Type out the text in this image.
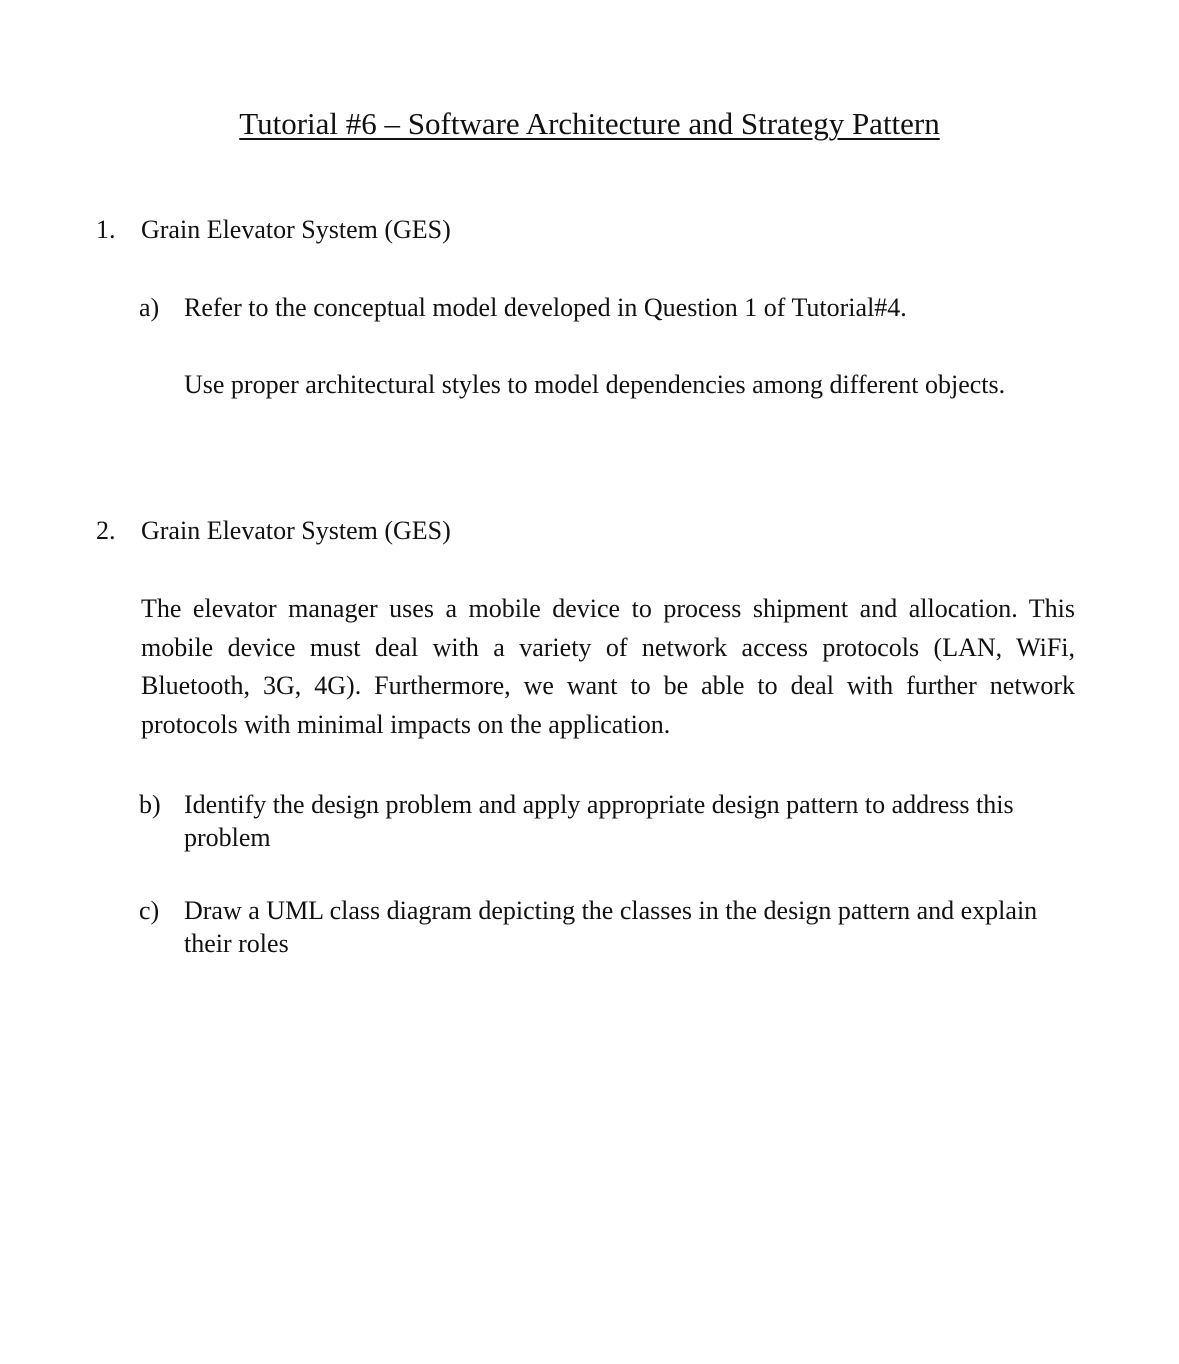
Tutorial #6 – Software Architecture and Strategy Pattern
1. Grain Elevator System (GES)
a) Refer to the conceptual model developed in Question 1 of Tutorial#4.
Use proper architectural styles to model dependencies among different objects.
2. Grain Elevator System (GES)
The elevator manager uses a mobile device to process shipment and allocation. This mobile device must deal with a variety of network access protocols (LAN, WiFi, Bluetooth, 3G, 4G). Furthermore, we want to be able to deal with further network protocols with minimal impacts on the application.
b) Identify the design problem and apply appropriate design pattern to address this problem
c) Draw a UML class diagram depicting the classes in the design pattern and explain their roles
